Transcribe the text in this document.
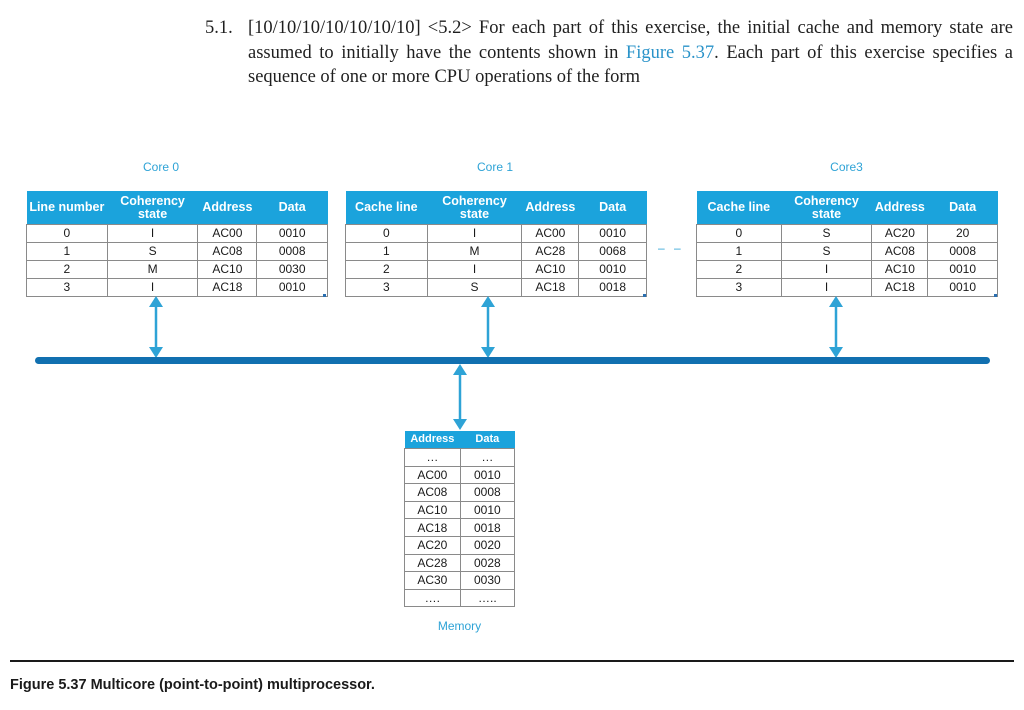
5.1. [10/10/10/10/10/10/10] <5.2> For each part of this exercise, the initial cache and memory state are assumed to initially have the contents shown in Figure 5.37. Each part of this exercise specifies a sequence of one or more CPU operations of the form
Core 0	Core 1	Core3
Line number	Coherency state	Address	Data
0	I	AC00	0010
1	S	AC08	0008
2	M	AC10	0030
3	I	AC18	0010
Cache line	Coherency state	Address	Data
0	I	AC00	0010
1	M	AC28	0068
2	I	AC10	0010
3	S	AC18	0018
– –
Cache line	Coherency state	Address	Data
0	S	AC20	20
1	S	AC08	0008
2	I	AC10	0010
3	I	AC18	0010
Address	Data
…	…
AC00	0010
AC08	0008
AC10	0010
AC18	0018
AC20	0020
AC28	0028
AC30	0030
….	…..
Memory
Figure 5.37 Multicore (point-to-point) multiprocessor.
